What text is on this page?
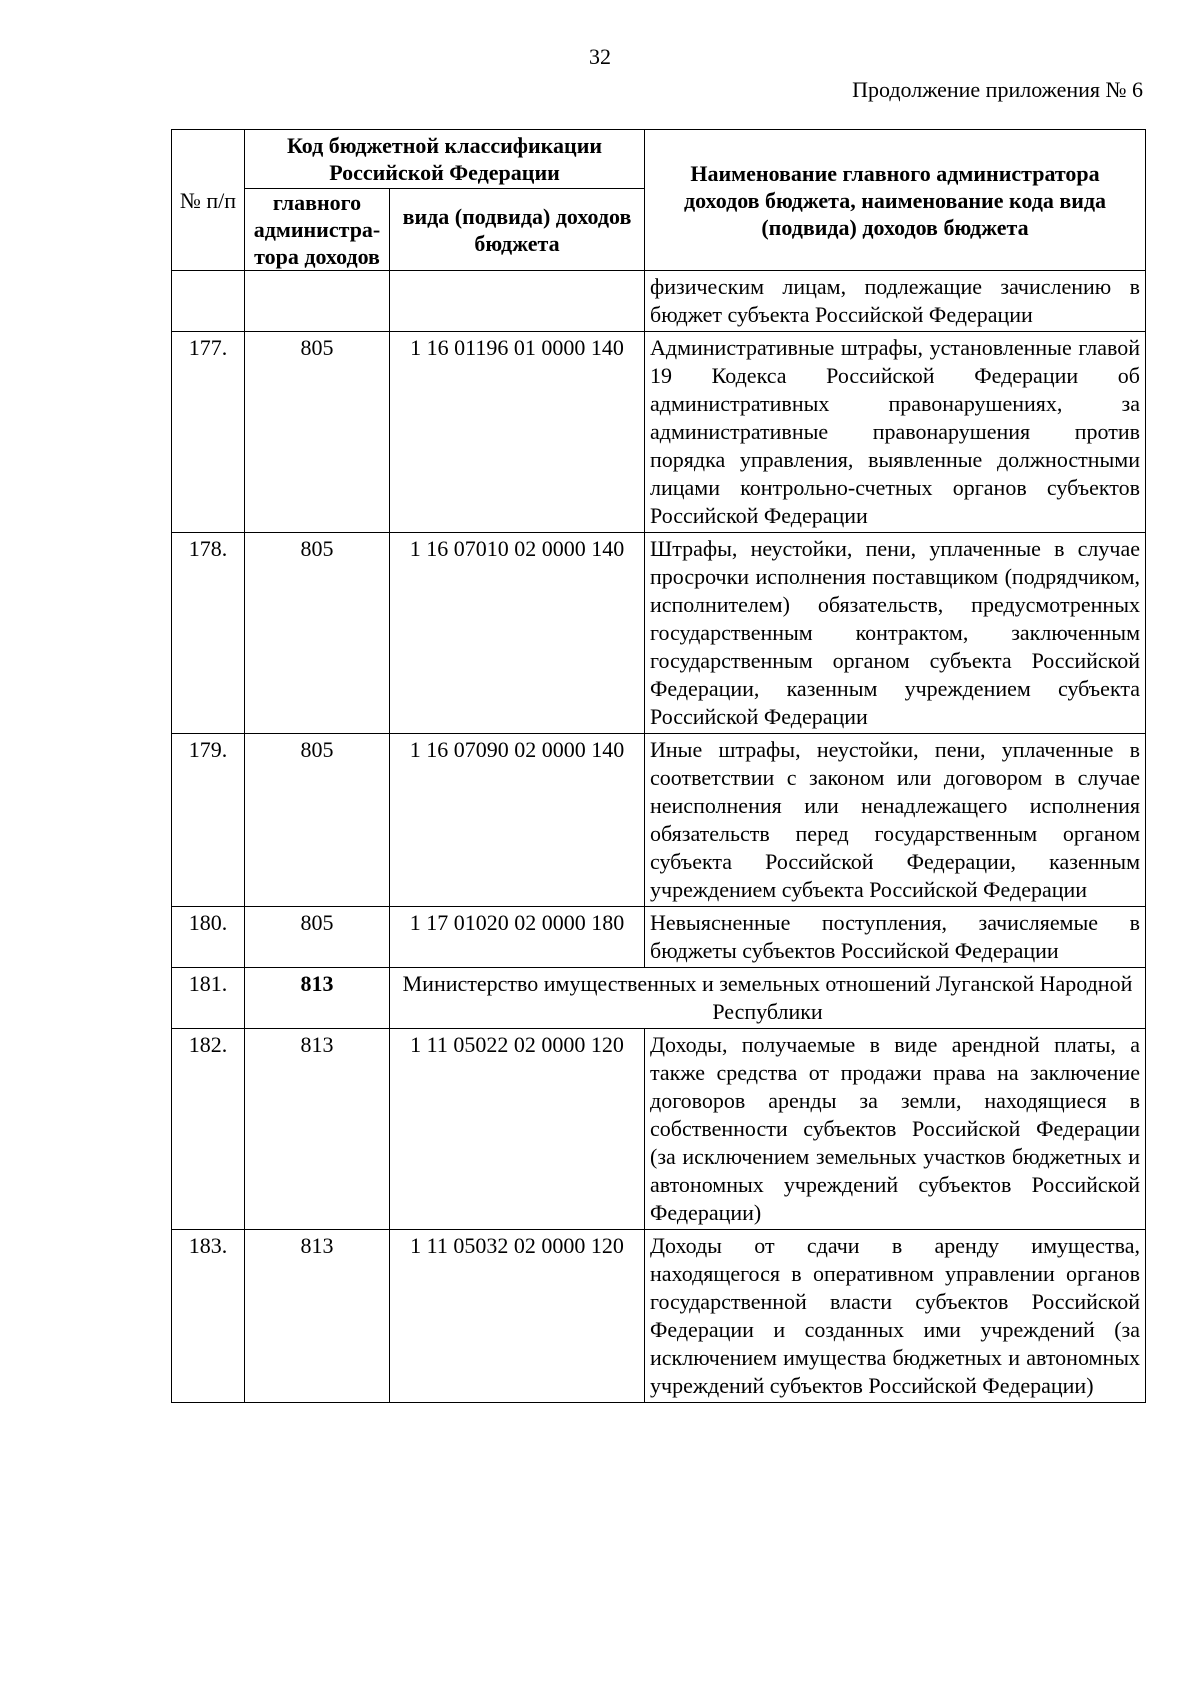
32
Продолжение приложения № 6
№ п/п	Код бюджетной классификации Российской Федерации		Наименование главного администратора доходов бюджета, наименование кода вида (подвида) доходов бюджета
	главного администра-тора доходов	вида (подвида) доходов бюджета	
			физическим лицам, подлежащие зачислению в бюджет субъекта Российской Федерации
177.	805	1 16 01196 01 0000 140	Административные штрафы, установленные главой 19 Кодекса Российской Федерации об административных правонарушениях, за административные правонарушения против порядка управления, выявленные должностными лицами контрольно-счетных органов субъектов Российской Федерации
178.	805	1 16 07010 02 0000 140	Штрафы, неустойки, пени, уплаченные в случае просрочки исполнения поставщиком (подрядчиком, исполнителем) обязательств, предусмотренных государственным контрактом, заключенным государственным органом субъекта Российской Федерации, казенным учреждением субъекта Российской Федерации
179.	805	1 16 07090 02 0000 140	Иные штрафы, неустойки, пени, уплаченные в соответствии с законом или договором в случае неисполнения или ненадлежащего исполнения обязательств перед государственным органом субъекта Российской Федерации, казенным учреждением субъекта Российской Федерации
180.	805	1 17 01020 02 0000 180	Невыясненные поступления, зачисляемые в бюджеты субъектов Российской Федерации
181.	813	Министерство имущественных и земельных отношений Луганской Народной Республики	
182.	813	1 11 05022 02 0000 120	Доходы, получаемые в виде арендной платы, а также средства от продажи права на заключение договоров аренды за земли, находящиеся в собственности субъектов Российской Федерации (за исключением земельных участков бюджетных и автономных учреждений субъектов Российской Федерации)
183.	813	1 11 05032 02 0000 120	Доходы от сдачи в аренду имущества, находящегося в оперативном управлении органов государственной власти субъектов Российской Федерации и созданных ими учреждений (за исключением имущества бюджетных и автономных учреждений субъектов Российской Федерации)
